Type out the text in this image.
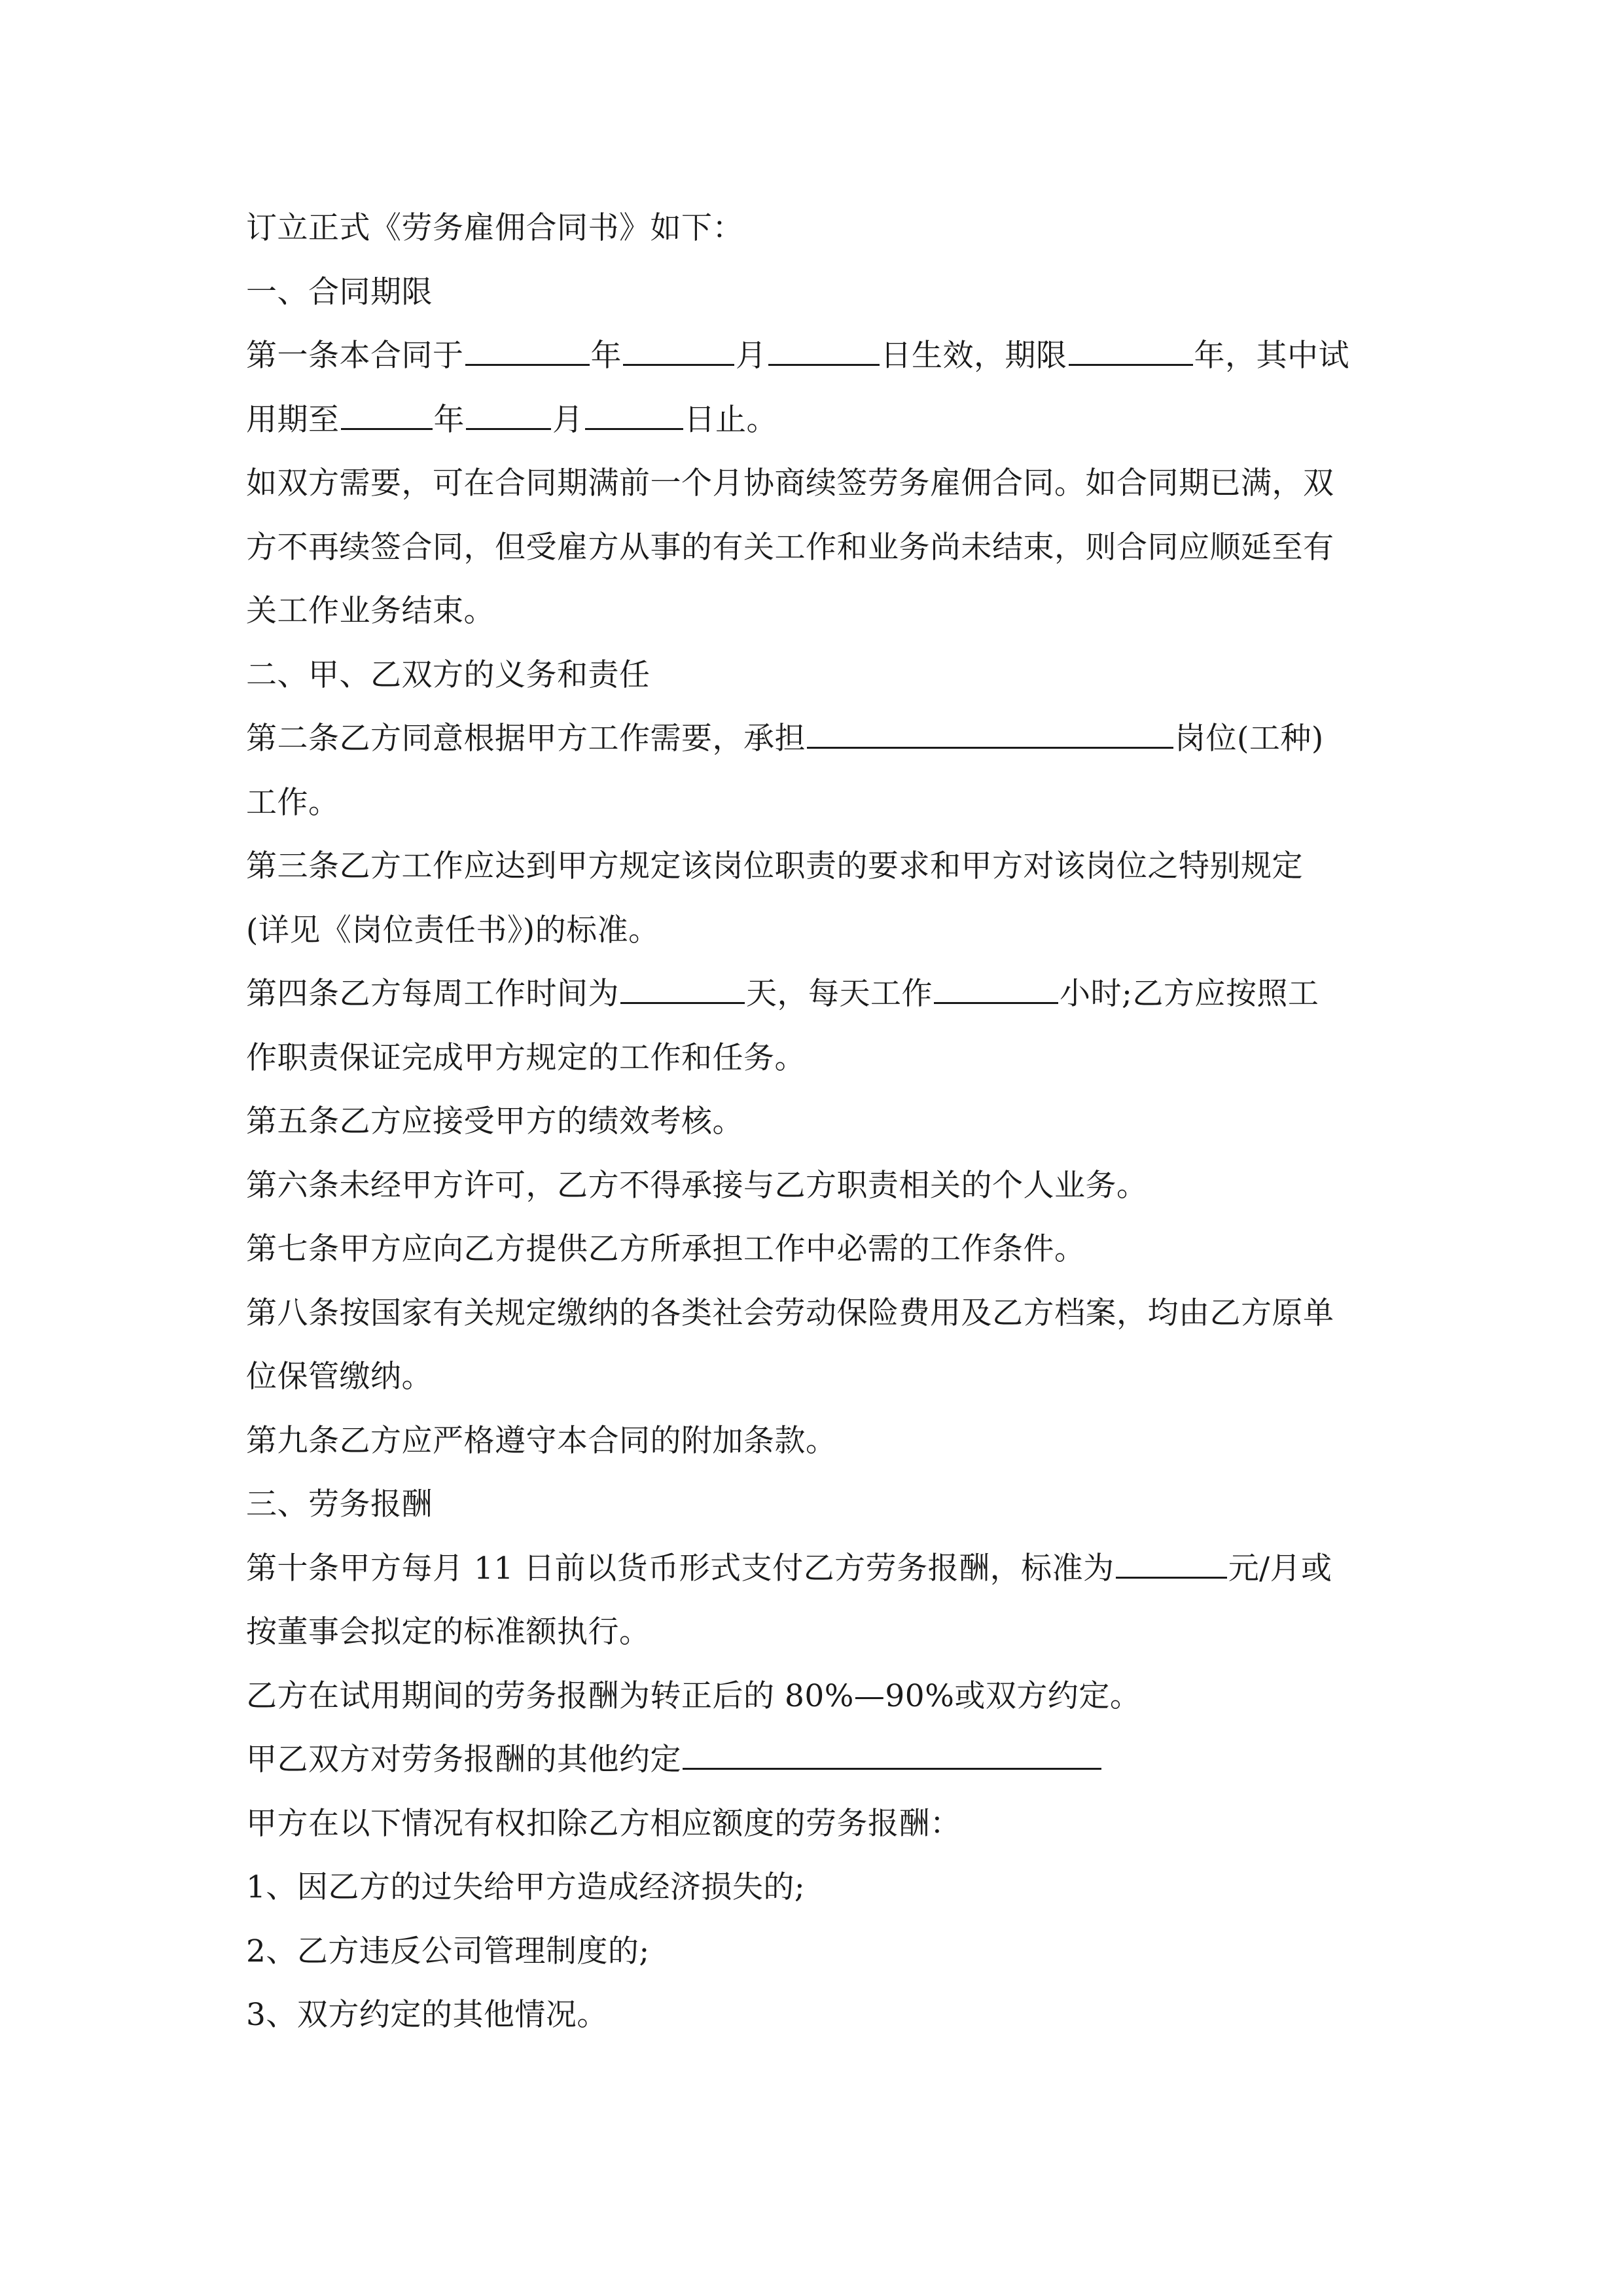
订立正式《劳务雇佣合同书》如下：
一、合同期限
第一条本合同于	年	月	日生效，期限	年，其中试
用期至	年	月	日止。
如双方需要，可在合同期满前一个月协商续签劳务雇佣合同。如合同期已满，双
方不再续签合同，但受雇方从事的有关工作和业务尚未结束，则合同应顺延至有
关工作业务结束。
二、甲、乙双方的义务和责任
第二条乙方同意根据甲方工作需要，承担	岗位(工种)
工作。
第三条乙方工作应达到甲方规定该岗位职责的要求和甲方对该岗位之特别规定
(详见《岗位责任书》)的标准。
第四条乙方每周工作时间为	天，每天工作	小时;乙方应按照工
作职责保证完成甲方规定的工作和任务。
第五条乙方应接受甲方的绩效考核。
第六条未经甲方许可，乙方不得承接与乙方职责相关的个人业务。
第七条甲方应向乙方提供乙方所承担工作中必需的工作条件。
第八条按国家有关规定缴纳的各类社会劳动保险费用及乙方档案，均由乙方原单
位保管缴纳。
第九条乙方应严格遵守本合同的附加条款。
三、劳务报酬
第十条甲方每月 11 日前以货币形式支付乙方劳务报酬，标准为	元/月或
按董事会拟定的标准额执行。
乙方在试用期间的劳务报酬为转正后的 80%—90%或双方约定。
甲乙双方对劳务报酬的其他约定
甲方在以下情况有权扣除乙方相应额度的劳务报酬：
1、因乙方的过失给甲方造成经济损失的;
2、乙方违反公司管理制度的;
3、双方约定的其他情况。
